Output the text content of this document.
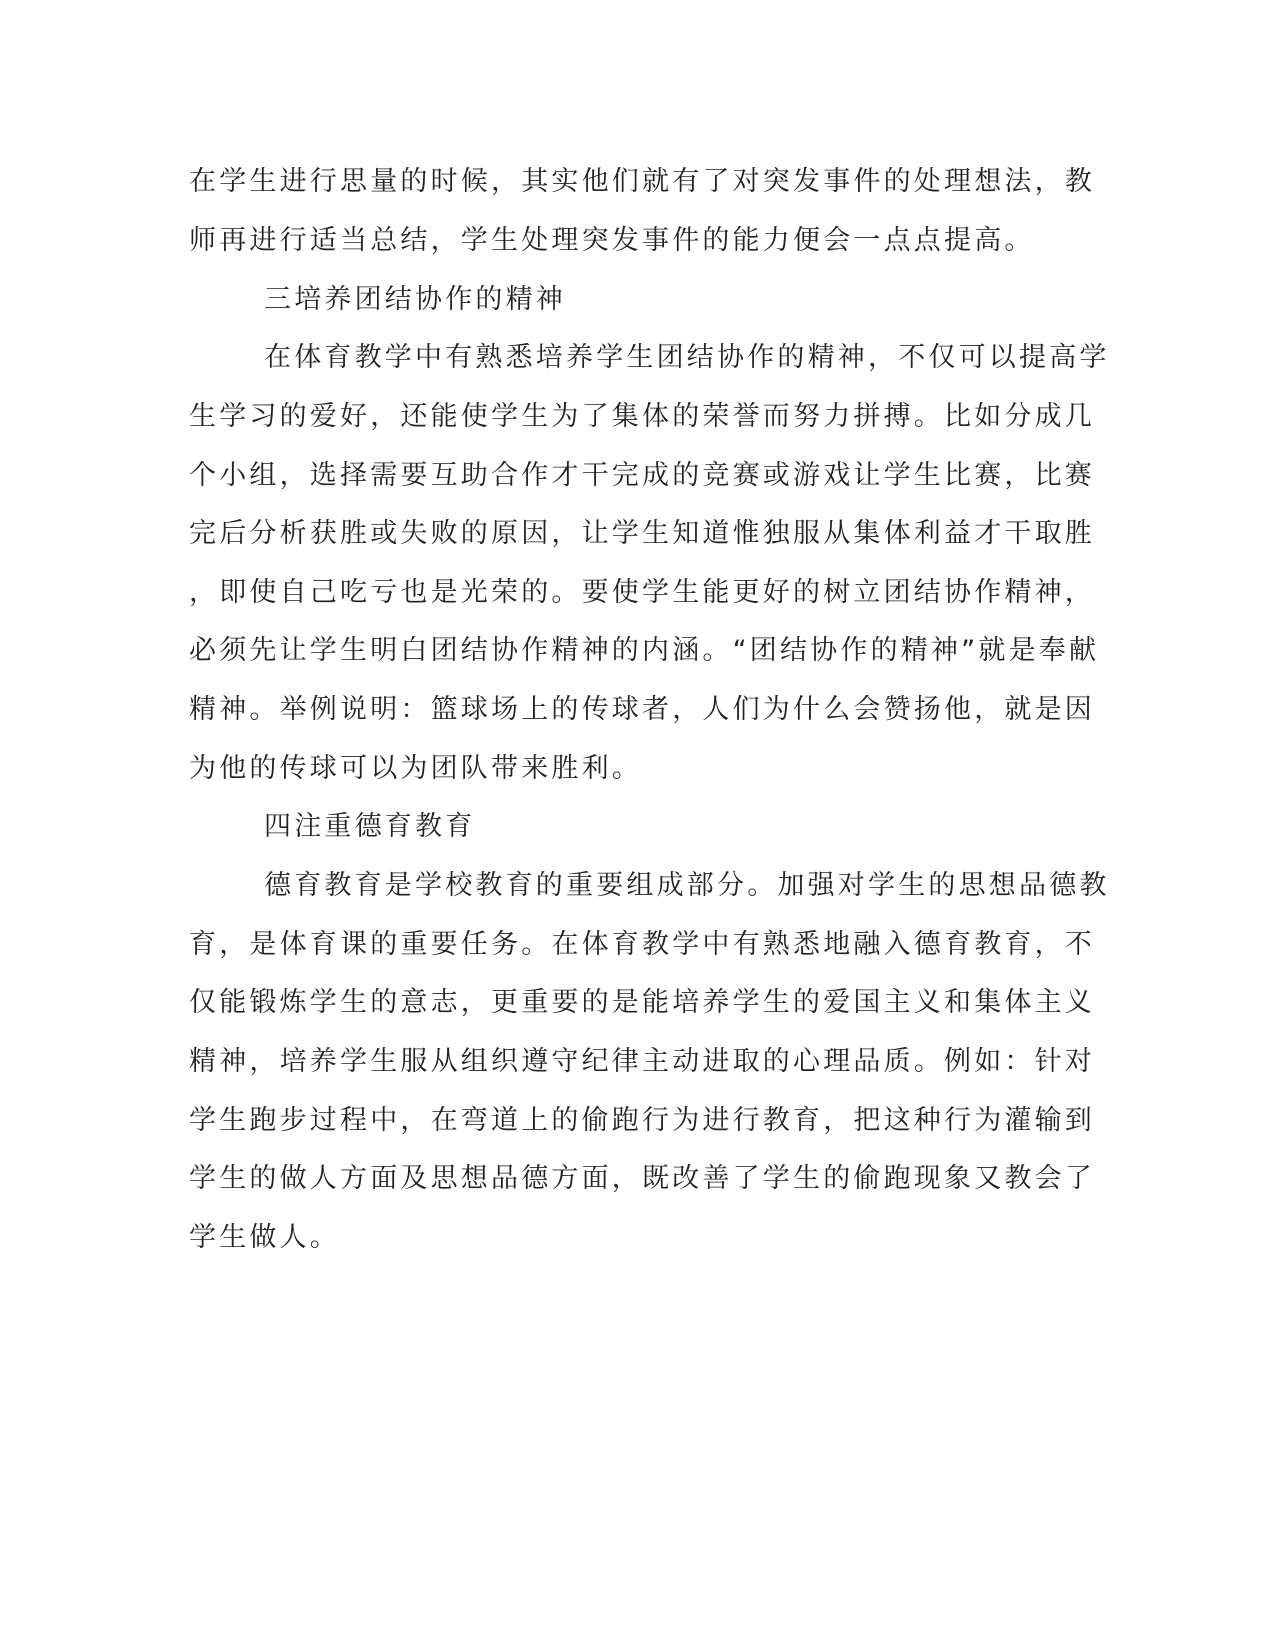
在学生进行思量的时候，其实他们就有了对突发事件的处理想法，教
师再进行适当总结，学生处理突发事件的能力便会一点点提高。
三培养团结协作的精神
在体育教学中有熟悉培养学生团结协作的精神，不仅可以提高学
生学习的爱好，还能使学生为了集体的荣誉而努力拼搏。比如分成几
个小组，选择需要互助合作才干完成的竞赛或游戏让学生比赛，比赛
完后分析获胜或失败的原因，让学生知道惟独服从集体利益才干取胜
，即使自己吃亏也是光荣的。要使学生能更好的树立团结协作精神，
必须先让学生明白团结协作精神的内涵。“团结协作的精神”就是奉献
精神。举例说明：篮球场上的传球者，人们为什么会赞扬他，就是因
为他的传球可以为团队带来胜利。
四注重德育教育
德育教育是学校教育的重要组成部分。加强对学生的思想品德教
育，是体育课的重要任务。在体育教学中有熟悉地融入德育教育，不
仅能锻炼学生的意志，更重要的是能培养学生的爱国主义和集体主义
精神，培养学生服从组织遵守纪律主动进取的心理品质。例如：针对
学生跑步过程中，在弯道上的偷跑行为进行教育，把这种行为灌输到
学生的做人方面及思想品德方面，既改善了学生的偷跑现象又教会了
学生做人。
